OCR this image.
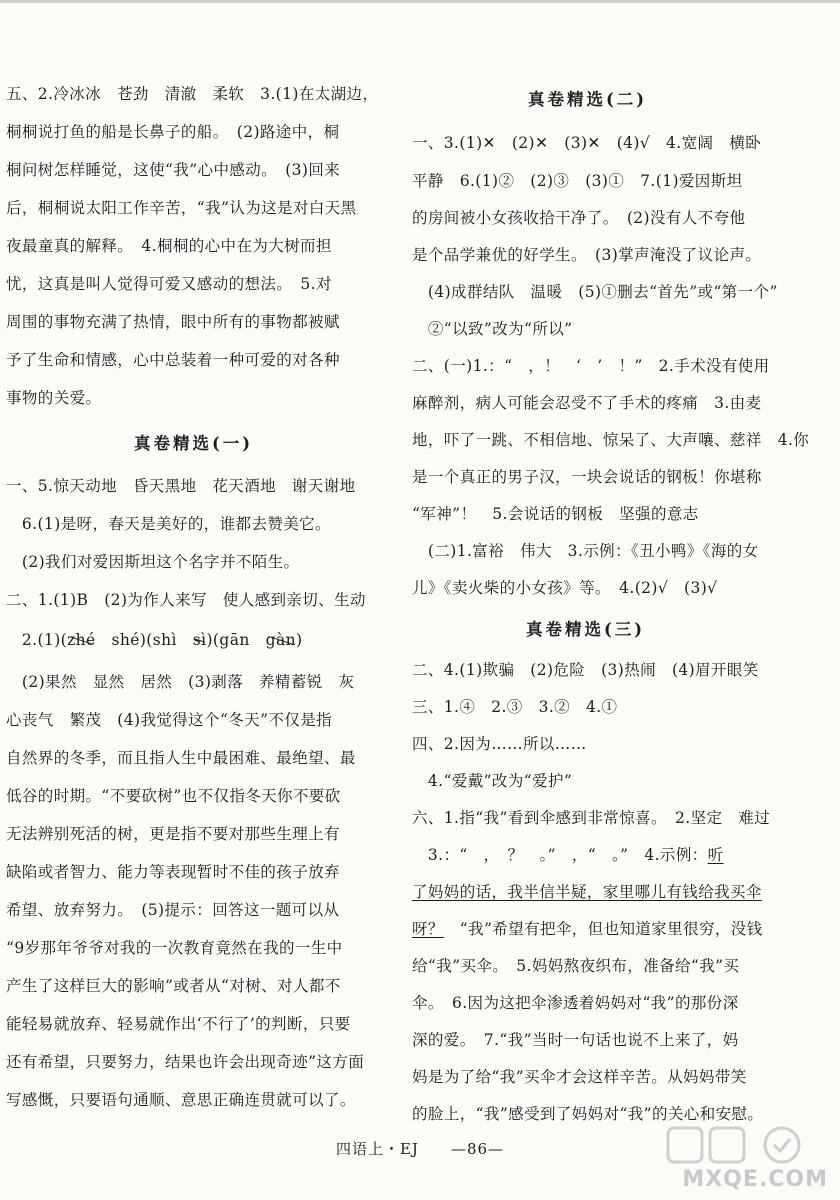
五、2.冷冰冰　苍劲　清澈　柔软　3.(1)在太湖边，
桐桐说打鱼的船是长鼻子的船。　(2)路途中，桐
桐问树怎样睡觉，这使“我”心中感动。　(3)回来
后，桐桐说太阳工作辛苦，“我”认为这是对白天黑
夜最童真的解释。　4.桐桐的心中在为大树而担
忧，这真是叫人觉得可爱又感动的想法。　5.对
周围的事物充满了热情，眼中所有的事物都被赋
予了生命和情感，心中总装着一种可爱的对各种
事物的关爱。
真卷精选(一)
一、5.惊天动地　昏天黑地　花天酒地　谢天谢地
　6.(1)是呀，春天是美好的，谁都去赞美它。
　(2)我们对爱因斯坦这个名字并不陌生。
二、1.(1)B　(2)为作人来写　使人感到亲切、生动
　2.(1)(zhé  shé)(shì  sì)(gān  gàn)
　(2)果然　显然　居然　(3)剥落　养精蓄锐　灰
心丧气　繁茂　(4)我觉得这个“冬天”不仅是指
自然界的冬季，而且指人生中最困难、最绝望、最
低谷的时期。“不要砍树”也不仅指冬天你不要砍
无法辨别死活的树，更是指不要对那些生理上有
缺陷或者智力、能力等表现暂时不佳的孩子放弃
希望、放弃努力。　(5)提示：回答这一题可以从
“9岁那年爷爷对我的一次教育竟然在我的一生中
产生了这样巨大的影响”或者从“对树、对人都不
能轻易就放弃、轻易就作出‘不行了’的判断，只要
还有希望，只要努力，结果也许会出现奇迹”这方面
写感慨，只要语句通顺、意思正确连贯就可以了。
真卷精选(二)
一、3.(1)✕　(2)✕　(3)✕　(4)√　4.宽阔　横卧
平静　6.(1)②　(2)③　(3)①　7.(1)爱因斯坦
的房间被小女孩收拾干净了。　(2)没有人不夸他
是个品学兼优的好学生。　(3)掌声淹没了议论声。
　(4)成群结队　温暖　(5)①删去“首先”或“第一个”
　②“以致”改为“所以”
二、(一)1.：“　，！　‘　’　！”　2.手术没有使用
麻醉剂，病人可能会忍受不了手术的疼痛　3.由麦
地，吓了一跳、不相信地、惊呆了、大声嚷、慈祥　4.你
是一个真正的男子汉，一块会说话的钢板！你堪称
“军神”！　5.会说话的钢板　坚强的意志
　(二)1.富裕　伟大　3.示例：《丑小鸭》《海的女
儿》《卖火柴的小女孩》等。　4.(2)√　(3)√
真卷精选(三)
二、4.(1)欺骗　(2)危险　(3)热闹　(4)眉开眼笑
三、1.④　2.③　3.②　4.①
四、2.因为……所以……
　4.“爱戴”改为“爱护”
六、1.指“我”看到伞感到非常惊喜。　2.坚定　难过
　3.：“　，　？　。”　，“　。”　4.示例：听
了妈妈的话，我半信半疑，家里哪儿有钱给我买伞
呀？  “我”希望有把伞，但也知道家里很穷，没钱
给“我”买伞。　5.妈妈熬夜织布，准备给“我”买
伞。　6.因为这把伞渗透着妈妈对“我”的那份深
深的爱。　7.“我”当时一句话也说不上来了，妈
妈是为了给“我”买伞才会这样辛苦。从妈妈带笑
的脸上，“我”感受到了妈妈对“我”的关心和安慰。
四语上・EJ   —86—
MXQE.COM
